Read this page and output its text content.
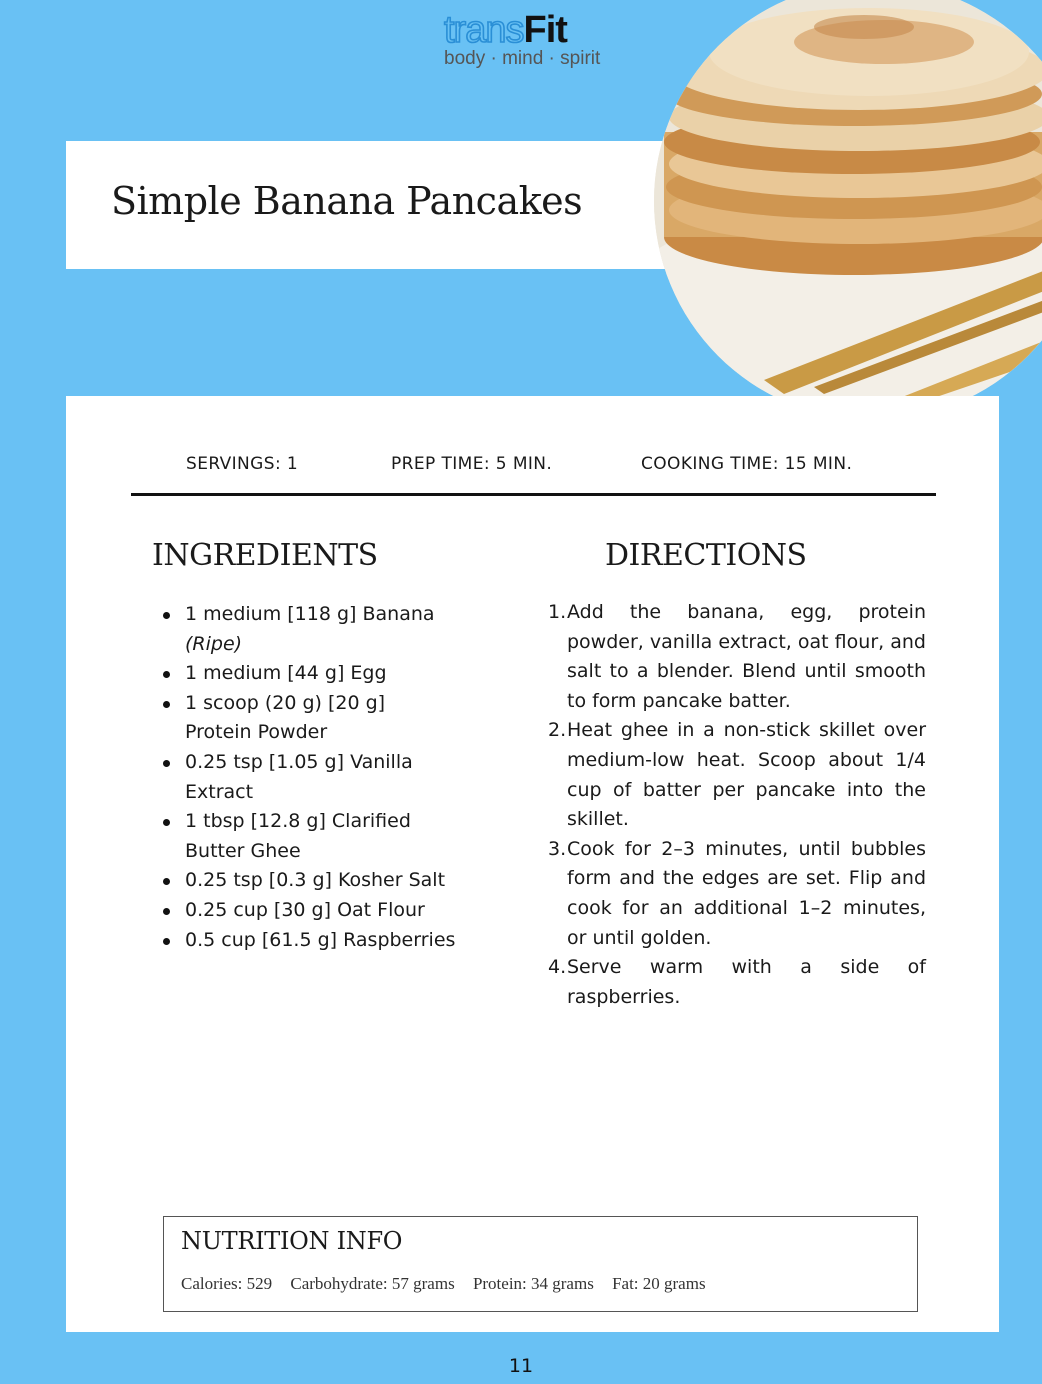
transFit
body · mind · spirit
Simple Banana Pancakes
SERVINGS: 1	PREP TIME: 5 MIN.	COOKING TIME: 15 MIN.
INGREDIENTS	DIRECTIONS
1 medium [118 g] Banana
(Ripe)
1 medium [44 g] Egg
1 scoop (20 g) [20 g] Protein Powder
0.25 tsp [1.05 g] Vanilla Extract
1 tbsp [12.8 g] Clarified Butter Ghee
0.25 tsp [0.3 g] Kosher Salt
0.25 cup [30 g] Oat Flour
0.5 cup [61.5 g] Raspberries
1. Add the banana, egg, protein powder, vanilla extract, oat flour, and salt to a blender. Blend until smooth to form pancake batter.
2. Heat ghee in a non-stick skillet over medium-low heat. Scoop about 1/4 cup of batter per pancake into the skillet.
3. Cook for 2–3 minutes, until bubbles form and the edges are set. Flip and cook for an additional 1–2 minutes, or until golden.
4. Serve warm with a side of raspberries.
NUTRITION INFO
Calories: 529 Carbohydrate: 57 grams Protein: 34 grams Fat: 20 grams
11
